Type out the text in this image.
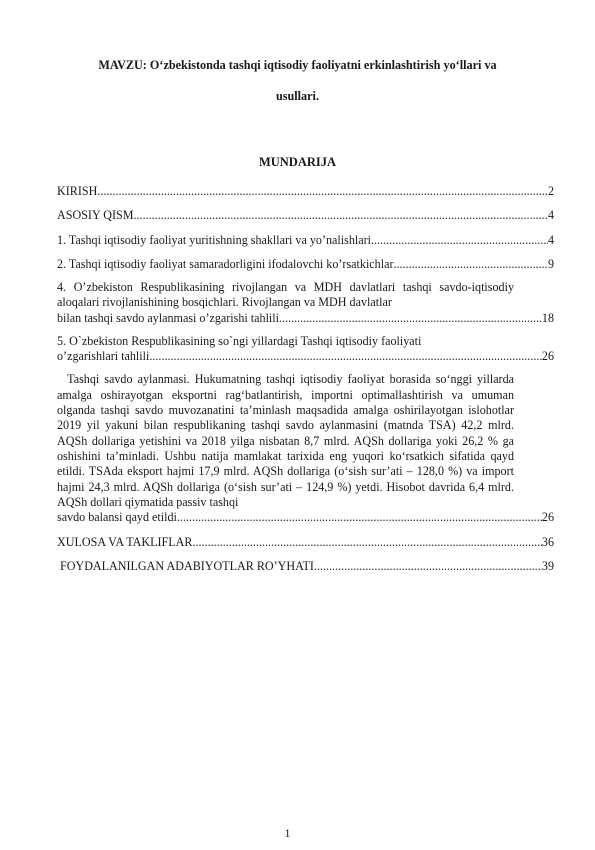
MAVZU: O‘zbekistonda tashqi iqtisodiy faoliyatni erkinlashtirish yo‘llari va
usullari.
MUNDARIJA
KIRISH .....	2
ASOSIY QISM .....	4
1. Tashqi iqtisodiy faoliyat yuritishning shakllari va yo’nalishlari .....	4
2. Tashqi iqtisodiy faoliyat samaradorligini ifodalovchi ko’rsatkichlar .....	9
4. O’zbekiston Respublikasining rivojlangan va MDH davlatlari tashqi savdo-iqtisodiy aloqalari rivojlanishining bosqichlari. Rivojlangan va MDH davlatlar
bilan tashqi savdo aylanmasi o’zgarishi tahlili .....	18
5. O`zbekiston Respublikasining so`ngi yillardagi Tashqi iqtisodiy faoliyati
o’zgarishlari tahlili .....	26
Tashqi savdo aylanmasi. Hukumatning tashqi iqtisodiy faoliyat borasida so‘nggi yillarda amalga oshirayotgan eksportni rag‘batlantirish, importni optimallashtirish va umuman olganda tashqi savdo muvozanatini ta’minlash maqsadida amalga oshirilayotgan islohotlar 2019 yil yakuni bilan respublikaning tashqi savdo aylanmasini (matnda TSA) 42,2 mlrd. AQSh dollariga yetishini va 2018 yilga nisbatan 8,7 mlrd. AQSh dollariga yoki 26,2 % ga oshishini ta’minladi. Ushbu natija mamlakat tarixida eng yuqori ko‘rsatkich sifatida qayd etildi. TSAda eksport hajmi 17,9 mlrd. AQSh dollariga (o‘sish sur’ati – 128,0 %) va import hajmi 24,3 mlrd. AQSh dollariga (o‘sish sur’ati – 124,9 %) yetdi. Hisobot davrida 6,4 mlrd. AQSh dollari qiymatida passiv tashqi
savdo balansi qayd etildi .....	26
XULOSA VA TAKLIFLAR .....	36
FOYDALANILGAN ADABIYOTLAR RO’YHATI .....	39
1
